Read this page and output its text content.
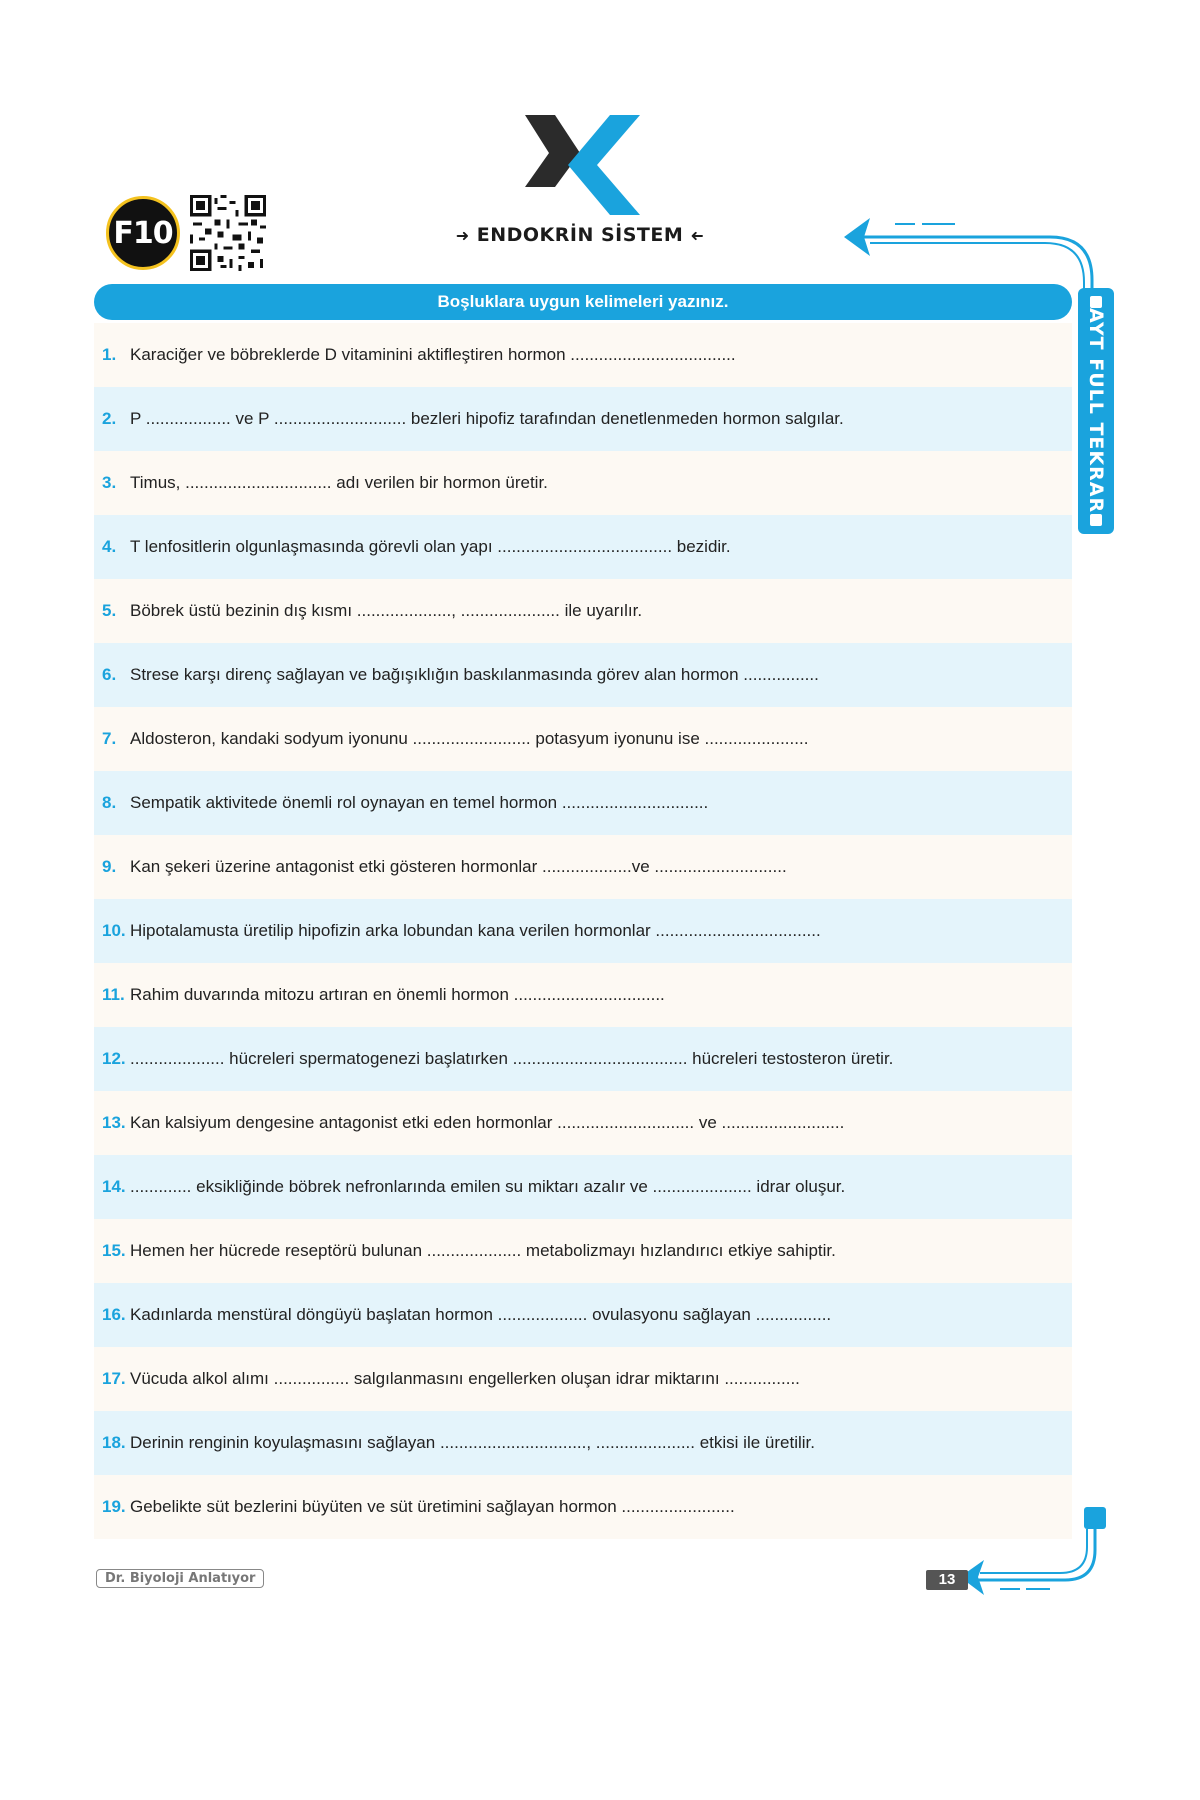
F10	➜ ENDOKRİN SİSTEM ➜
AYT FULL TEKRAR
Boşluklara uygun kelimeleri yazınız.
1. Karaciğer ve böbreklerde D vitaminini aktifleştiren hormon ...................................
2. P .................. ve P ............................ bezleri hipofiz tarafından denetlenmeden hormon salgılar.
3. Timus, ............................... adı verilen bir hormon üretir.
4. T lenfositlerin olgunlaşmasında görevli olan yapı ..................................... bezidir.
5. Böbrek üstü bezinin dış kısmı ...................., ..................... ile uyarılır.
6. Strese karşı direnç sağlayan ve bağışıklığın baskılanmasında görev alan hormon ................
7. Aldosteron, kandaki sodyum iyonunu ......................... potasyum iyonunu ise ......................
8. Sempatik aktivitede önemli rol oynayan en temel hormon ...............................
9. Kan şekeri üzerine antagonist etki gösteren hormonlar ...................ve ............................
10. Hipotalamusta üretilip hipofizin arka lobundan kana verilen hormonlar ...................................
11. Rahim duvarında mitozu artıran en önemli hormon ................................
12. .................... hücreleri spermatogenezi başlatırken ..................................... hücreleri testosteron üretir.
13. Kan kalsiyum dengesine antagonist etki eden hormonlar ............................. ve ..........................
14. ............. eksikliğinde böbrek nefronlarında emilen su miktarı azalır ve ..................... idrar oluşur.
15. Hemen her hücrede reseptörü bulunan .................... metabolizmayı hızlandırıcı etkiye sahiptir.
16. Kadınlarda menstüral döngüyü başlatan hormon ................... ovulasyonu sağlayan ................
17. Vücuda alkol alımı ................ salgılanmasını engellerken oluşan idrar miktarını ................
18. Derinin renginin koyulaşmasını sağlayan ..............................., ..................... etkisi ile üretilir.
19. Gebelikte süt bezlerini büyüten ve süt üretimini sağlayan hormon ........................
Dr. Biyoloji Anlatıyor	13
